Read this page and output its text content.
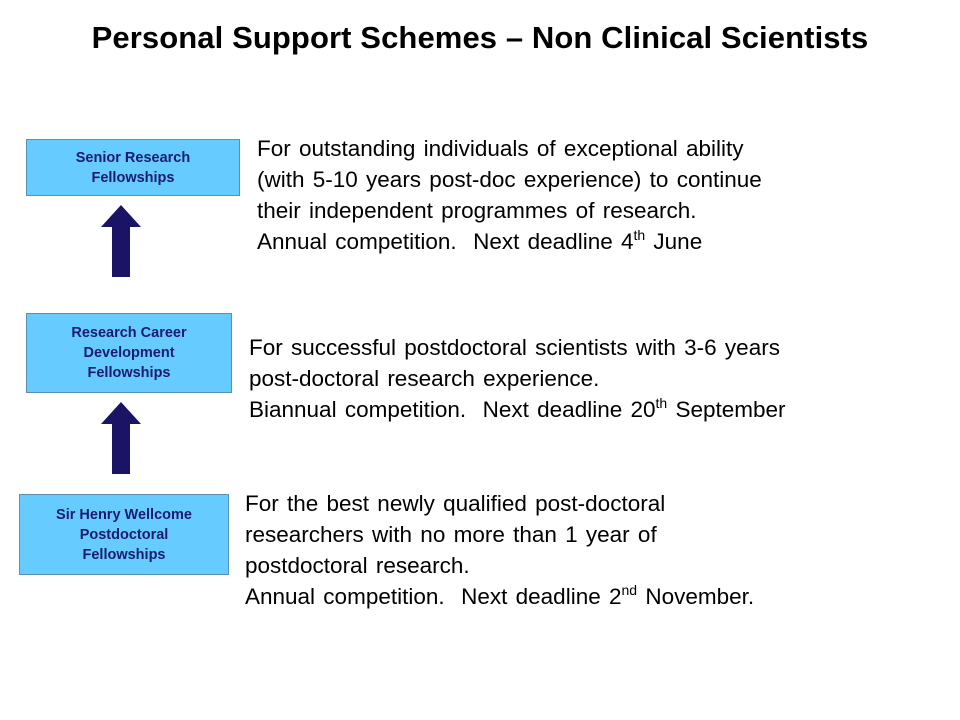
Personal Support Schemes – Non Clinical Scientists
Senior Research
Fellowships
Research Career
Development
Fellowships
Sir Henry Wellcome
Postdoctoral
Fellowships
For outstanding individuals of exceptional ability
(with 5-10 years post-doc experience) to continue
their independent programmes of research.
Annual competition.  Next deadline 4th June
For successful postdoctoral scientists with 3-6 years
post-doctoral research experience.
Biannual competition.  Next deadline 20th September
For the best newly qualified post-doctoral
researchers with no more than 1 year of
postdoctoral research.
Annual competition.  Next deadline 2nd November.
